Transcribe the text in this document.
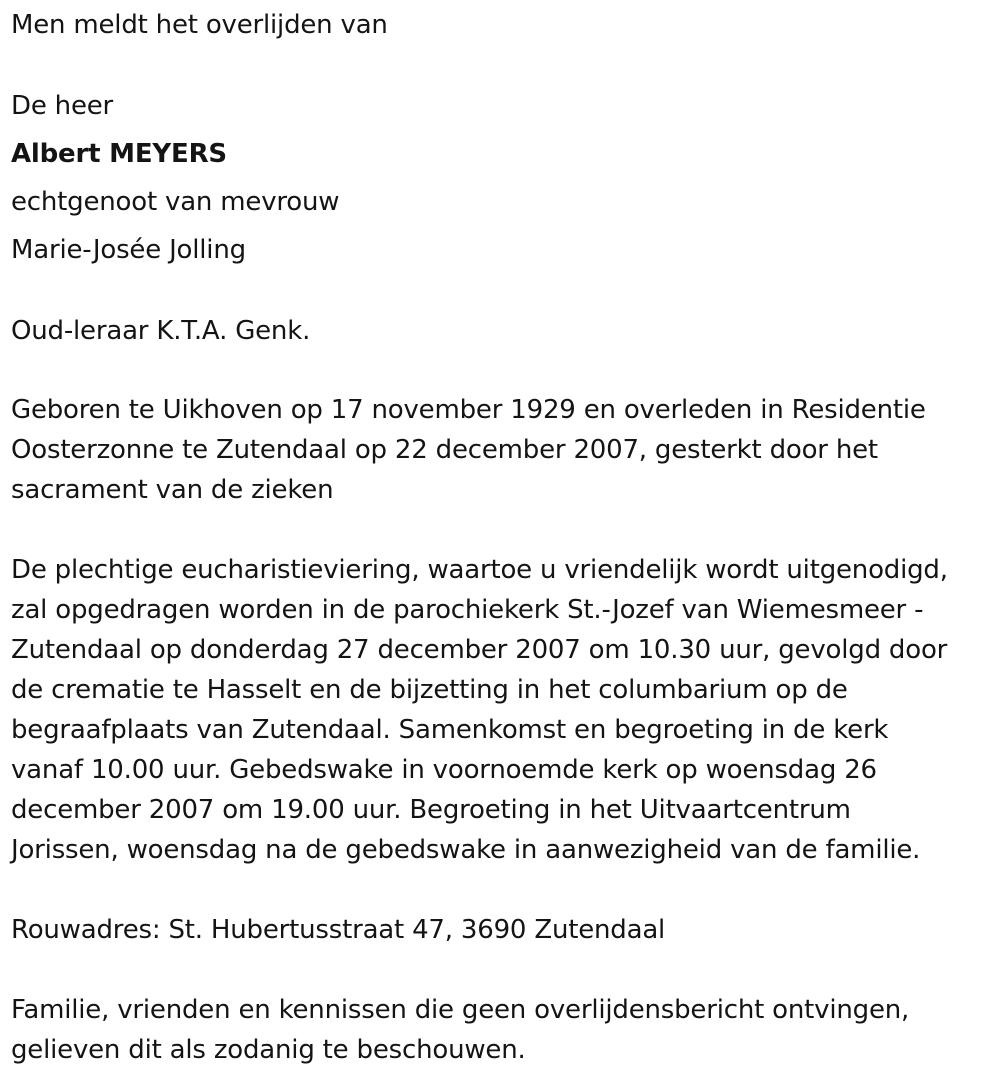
Men meldt het overlijden van
De heer
Albert MEYERS
echtgenoot van mevrouw
Marie-Josée Jolling
Oud-leraar K.T.A. Genk.
Geboren te Uikhoven op 17 november 1929 en overleden in Residentie
Oosterzonne te Zutendaal op 22 december 2007, gesterkt door het
sacrament van de zieken
De plechtige eucharistieviering, waartoe u vriendelijk wordt uitgenodigd,
zal opgedragen worden in de parochiekerk St.-Jozef van Wiemesmeer -
Zutendaal op donderdag 27 december 2007 om 10.30 uur, gevolgd door
de crematie te Hasselt en de bijzetting in het columbarium op de
begraafplaats van Zutendaal. Samenkomst en begroeting in de kerk
vanaf 10.00 uur. Gebedswake in voornoemde kerk op woensdag 26
december 2007 om 19.00 uur. Begroeting in het Uitvaartcentrum
Jorissen, woensdag na de gebedswake in aanwezigheid van de familie.
Rouwadres: St. Hubertusstraat 47, 3690 Zutendaal
Familie, vrienden en kennissen die geen overlijdensbericht ontvingen,
gelieven dit als zodanig te beschouwen.
